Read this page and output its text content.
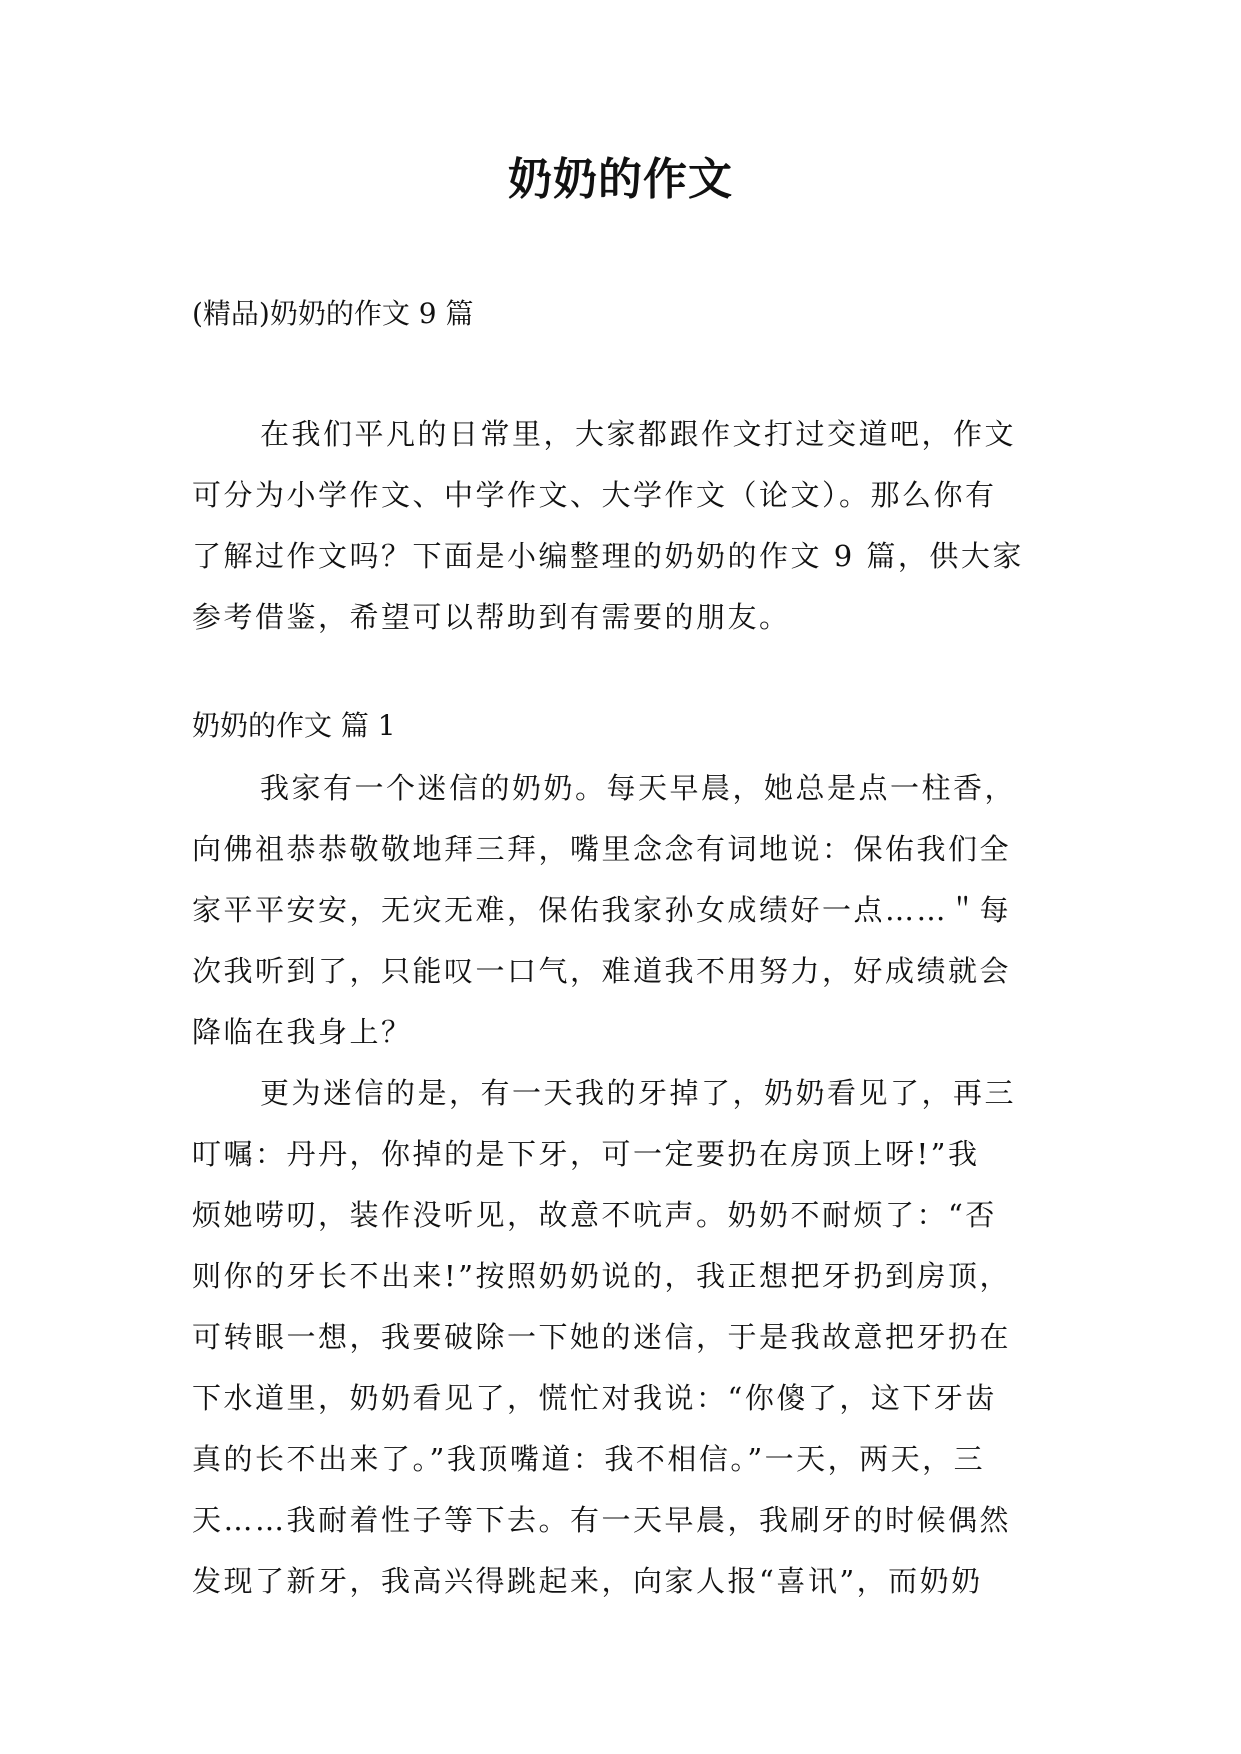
奶奶的作文
(精品)奶奶的作文 9 篇
在我们平凡的日常里，大家都跟作文打过交道吧，作文
可分为小学作文、中学作文、大学作文（论文）。那么你有
了解过作文吗？下面是小编整理的奶奶的作文 9 篇，供大家
参考借鉴，希望可以帮助到有需要的朋友。
奶奶的作文 篇 1
我家有一个迷信的奶奶。每天早晨，她总是点一柱香，
向佛祖恭恭敬敬地拜三拜，嘴里念念有词地说：保佑我们全
家平平安安，无灾无难，保佑我家孙女成绩好一点……＂每
次我听到了，只能叹一口气，难道我不用努力，好成绩就会
降临在我身上？
更为迷信的是，有一天我的牙掉了，奶奶看见了，再三
叮嘱：丹丹，你掉的是下牙，可一定要扔在房顶上呀!”我
烦她唠叨，装作没听见，故意不吭声。奶奶不耐烦了：“否
则你的牙长不出来!”按照奶奶说的，我正想把牙扔到房顶，
可转眼一想，我要破除一下她的迷信，于是我故意把牙扔在
下水道里，奶奶看见了，慌忙对我说：“你傻了，这下牙齿
真的长不出来了。”我顶嘴道：我不相信。”一天，两天，三
天……我耐着性子等下去。有一天早晨，我刷牙的时候偶然
发现了新牙，我高兴得跳起来，向家人报“喜讯”，而奶奶
